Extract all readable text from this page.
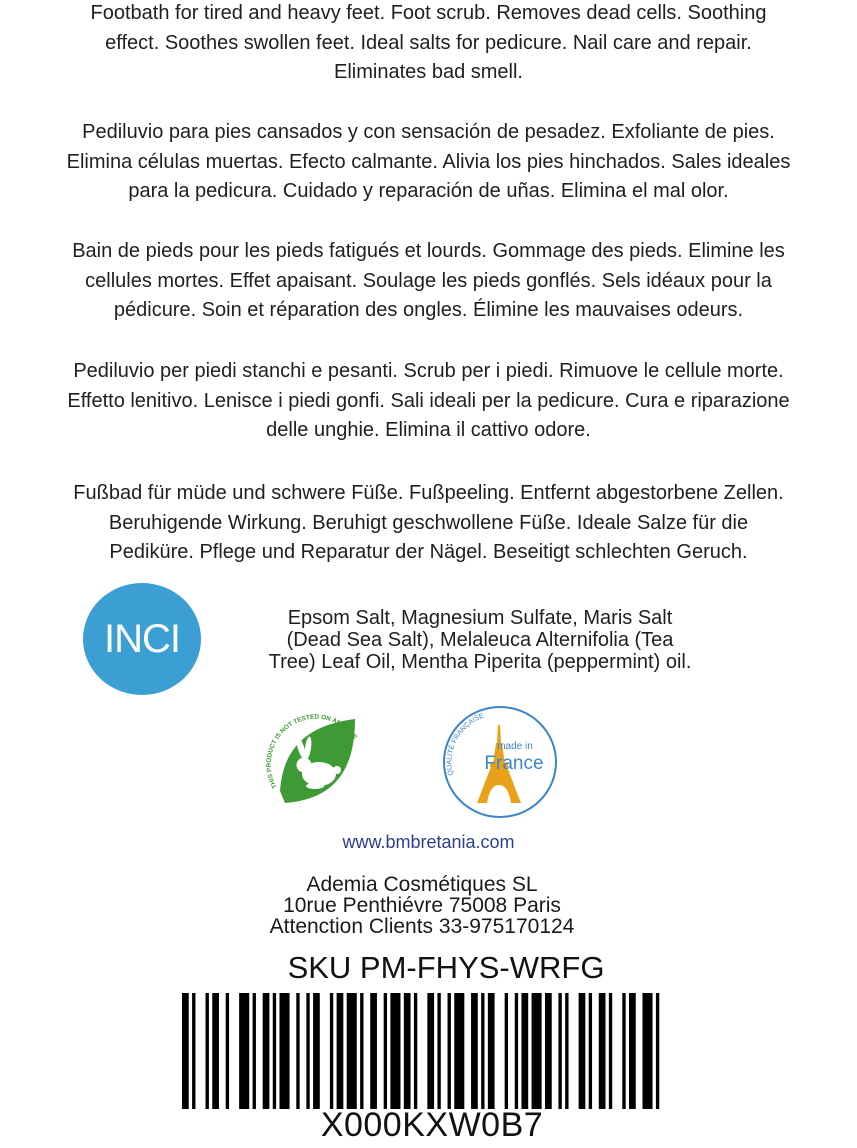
Footbath for tired and heavy feet. Foot scrub. Removes dead cells. Soothing
effect. Soothes swollen feet. Ideal salts for pedicure. Nail care and repair.
Eliminates bad smell.

Pediluvio para pies cansados y con sensación de pesadez. Exfoliante de pies.
Elimina células muertas. Efecto calmante. Alivia los pies hinchados. Sales ideales
para la pedicura. Cuidado y reparación de uñas. Elimina el mal olor.

Bain de pieds pour les pieds fatigués et lourds. Gommage des pieds. Elimine les
cellules mortes. Effet apaisant. Soulage les pieds gonflés. Sels idéaux pour la
pédicure. Soin et réparation des ongles. Élimine les mauvaises odeurs.

Pediluvio per piedi stanchi e pesanti. Scrub per i piedi. Rimuove le cellule morte.
Effetto lenitivo. Lenisce i piedi gonfi. Sali ideali per la pedicure. Cura e riparazione
delle unghie. Elimina il cattivo odore.

Fußbad für müde und schwere Füße. Fußpeeling. Entfernt abgestorbene Zellen.
Beruhigende Wirkung. Beruhigt geschwollene Füße. Ideale Salze für die
Pediküre. Pflege und Reparatur der Nägel. Beseitigt schlechten Geruch.

INCI	Epsom Salt, Magnesium Sulfate, Maris Salt
(Dead Sea Salt), Melaleuca Alternifolia (Tea
Tree) Leaf Oil, Mentha Piperita (peppermint) oil.
THIS PRODUCT IS NOT TESTED ON ANIMALS
QUALITÉ FRANÇAISE
made in
France
www.bmbretania.com
Ademia Cosmétiques SL
10rue Penthiévre 75008 Paris
Attenction Clients 33-975170124
SKU PM-FHYS-WRFG
X000KXW0B7
